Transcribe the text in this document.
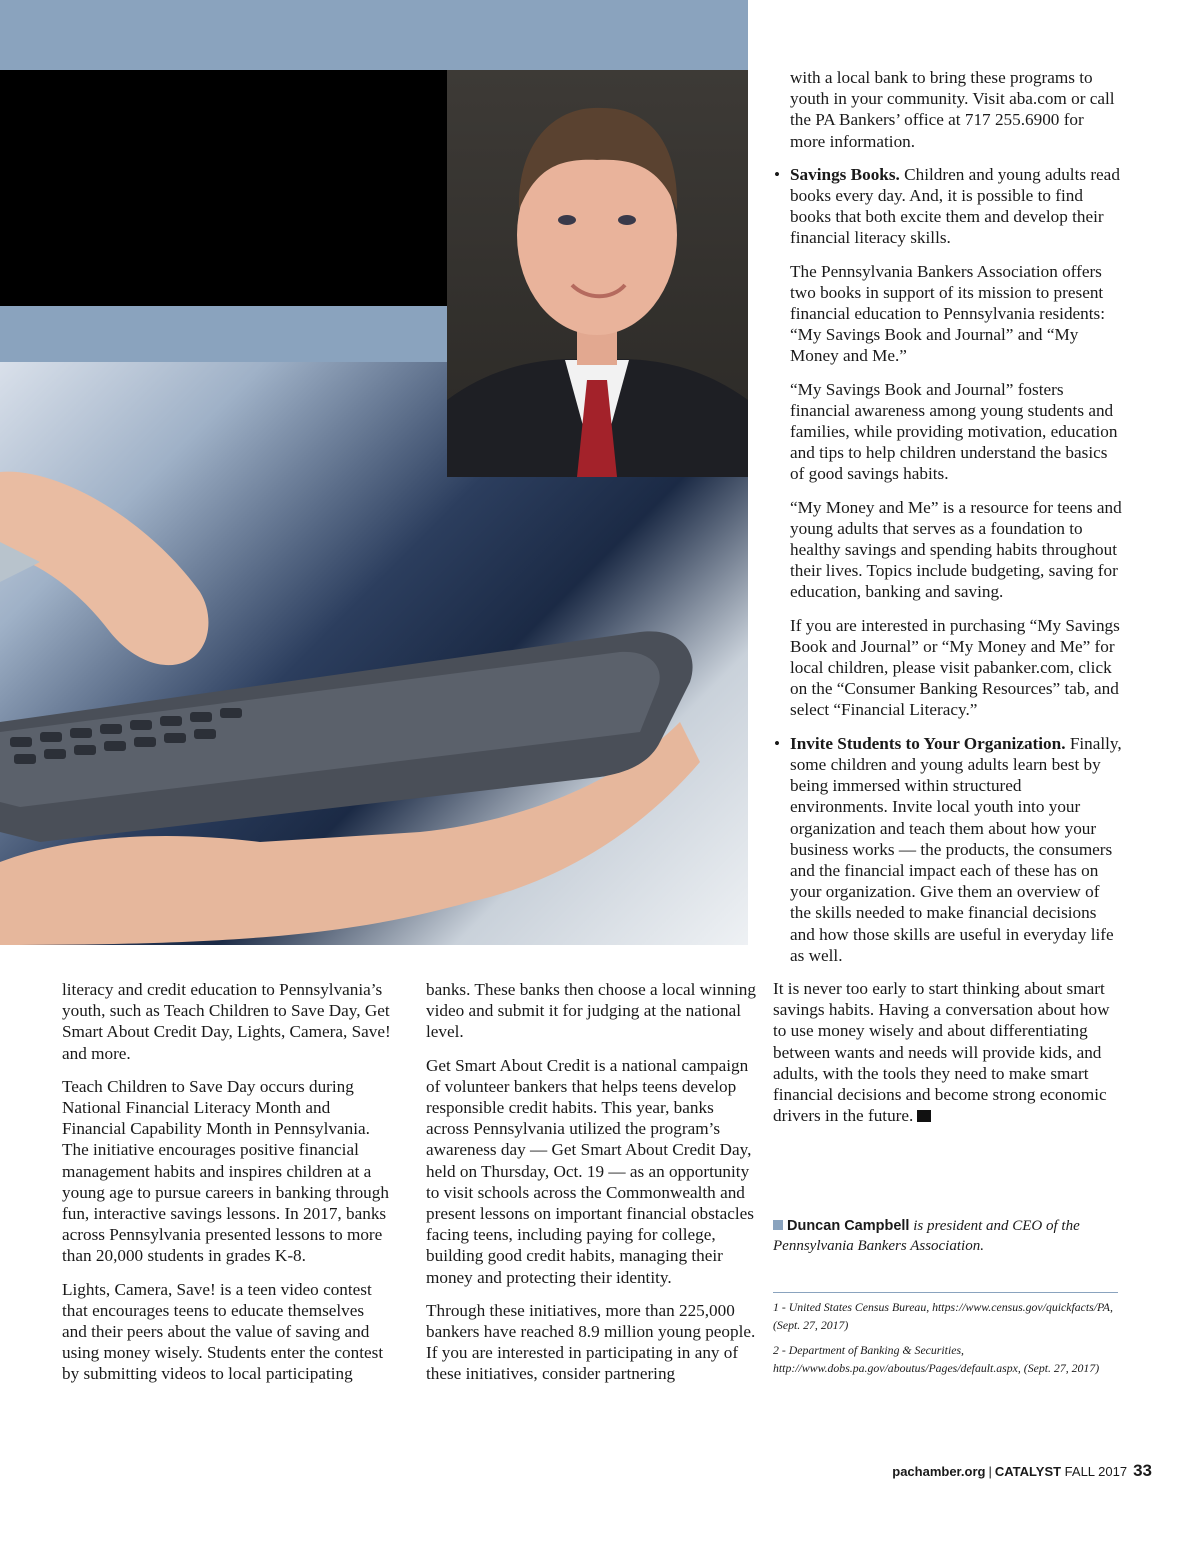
literacy and credit education to Pennsylvania’s youth, such as Teach Children to Save Day, Get Smart About Credit Day, Lights, Camera, Save! and more.

Teach Children to Save Day occurs during National Financial Literacy Month and Financial Capability Month in Pennsylvania. The initiative encourages positive financial management habits and inspires children at a young age to pursue careers in banking through fun, interactive savings lessons. In 2017, banks across Pennsylvania presented lessons to more than 20,000 students in grades K-8.

Lights, Camera, Save! is a teen video contest that encourages teens to educate themselves and their peers about the value of saving and using money wisely. Students enter the contest by submitting videos to local participating

banks. These banks then choose a local winning video and submit it for judging at the national level.

Get Smart About Credit is a national campaign of volunteer bankers that helps teens develop responsible credit habits. This year, banks across Pennsylvania utilized the program’s awareness day — Get Smart About Credit Day, held on Thursday, Oct. 19 — as an opportunity to visit schools across the Commonwealth and present lessons on important financial obstacles facing teens, including paying for college, building good credit habits, managing their money and protecting their identity.

Through these initiatives, more than 225,000 bankers have reached 8.9 million young people. If you are interested in participating in any of these initiatives, consider partnering

with a local bank to bring these programs to youth in your community. Visit aba.com or call the PA Bankers’ office at 717 255.6900 for more information.

• Savings Books. Children and young adults read books every day. And, it is possible to find books that both excite them and develop their financial literacy skills.

The Pennsylvania Bankers Association offers two books in support of its mission to present financial education to Pennsylvania residents: “My Savings Book and Journal” and “My Money and Me.”

“My Savings Book and Journal” fosters financial awareness among young students and families, while providing motivation, education and tips to help children understand the basics of good savings habits.

“My Money and Me” is a resource for teens and young adults that serves as a foundation to healthy savings and spending habits throughout their lives. Topics include budgeting, saving for education, banking and saving.

If you are interested in purchasing “My Savings Book and Journal” or “My Money and Me” for local children, please visit pabanker.com, click on the “Consumer Banking Resources” tab, and select “Financial Literacy.”

• Invite Students to Your Organization. Finally, some children and young adults learn best by being immersed within structured environments. Invite local youth into your organization and teach them about how your business works — the products, the consumers and the financial impact each of these has on your organization. Give them an overview of the skills needed to make financial decisions and how those skills are useful in everyday life as well.

It is never too early to start thinking about smart savings habits. Having a conversation about how to use money wisely and about differentiating between wants and needs will provide kids, and adults, with the tools they need to make smart financial decisions and become strong economic drivers in the future.

Duncan Campbell is president and CEO of the Pennsylvania Bankers Association.

1 - United States Census Bureau, https://www.census.gov/quickfacts/PA, (Sept. 27, 2017)

2 - Department of Banking & Securities, http://www.dobs.pa.gov/aboutus/Pages/default.aspx, (Sept. 27, 2017)

pachamber.org | CATALYST FALL 2017 33
